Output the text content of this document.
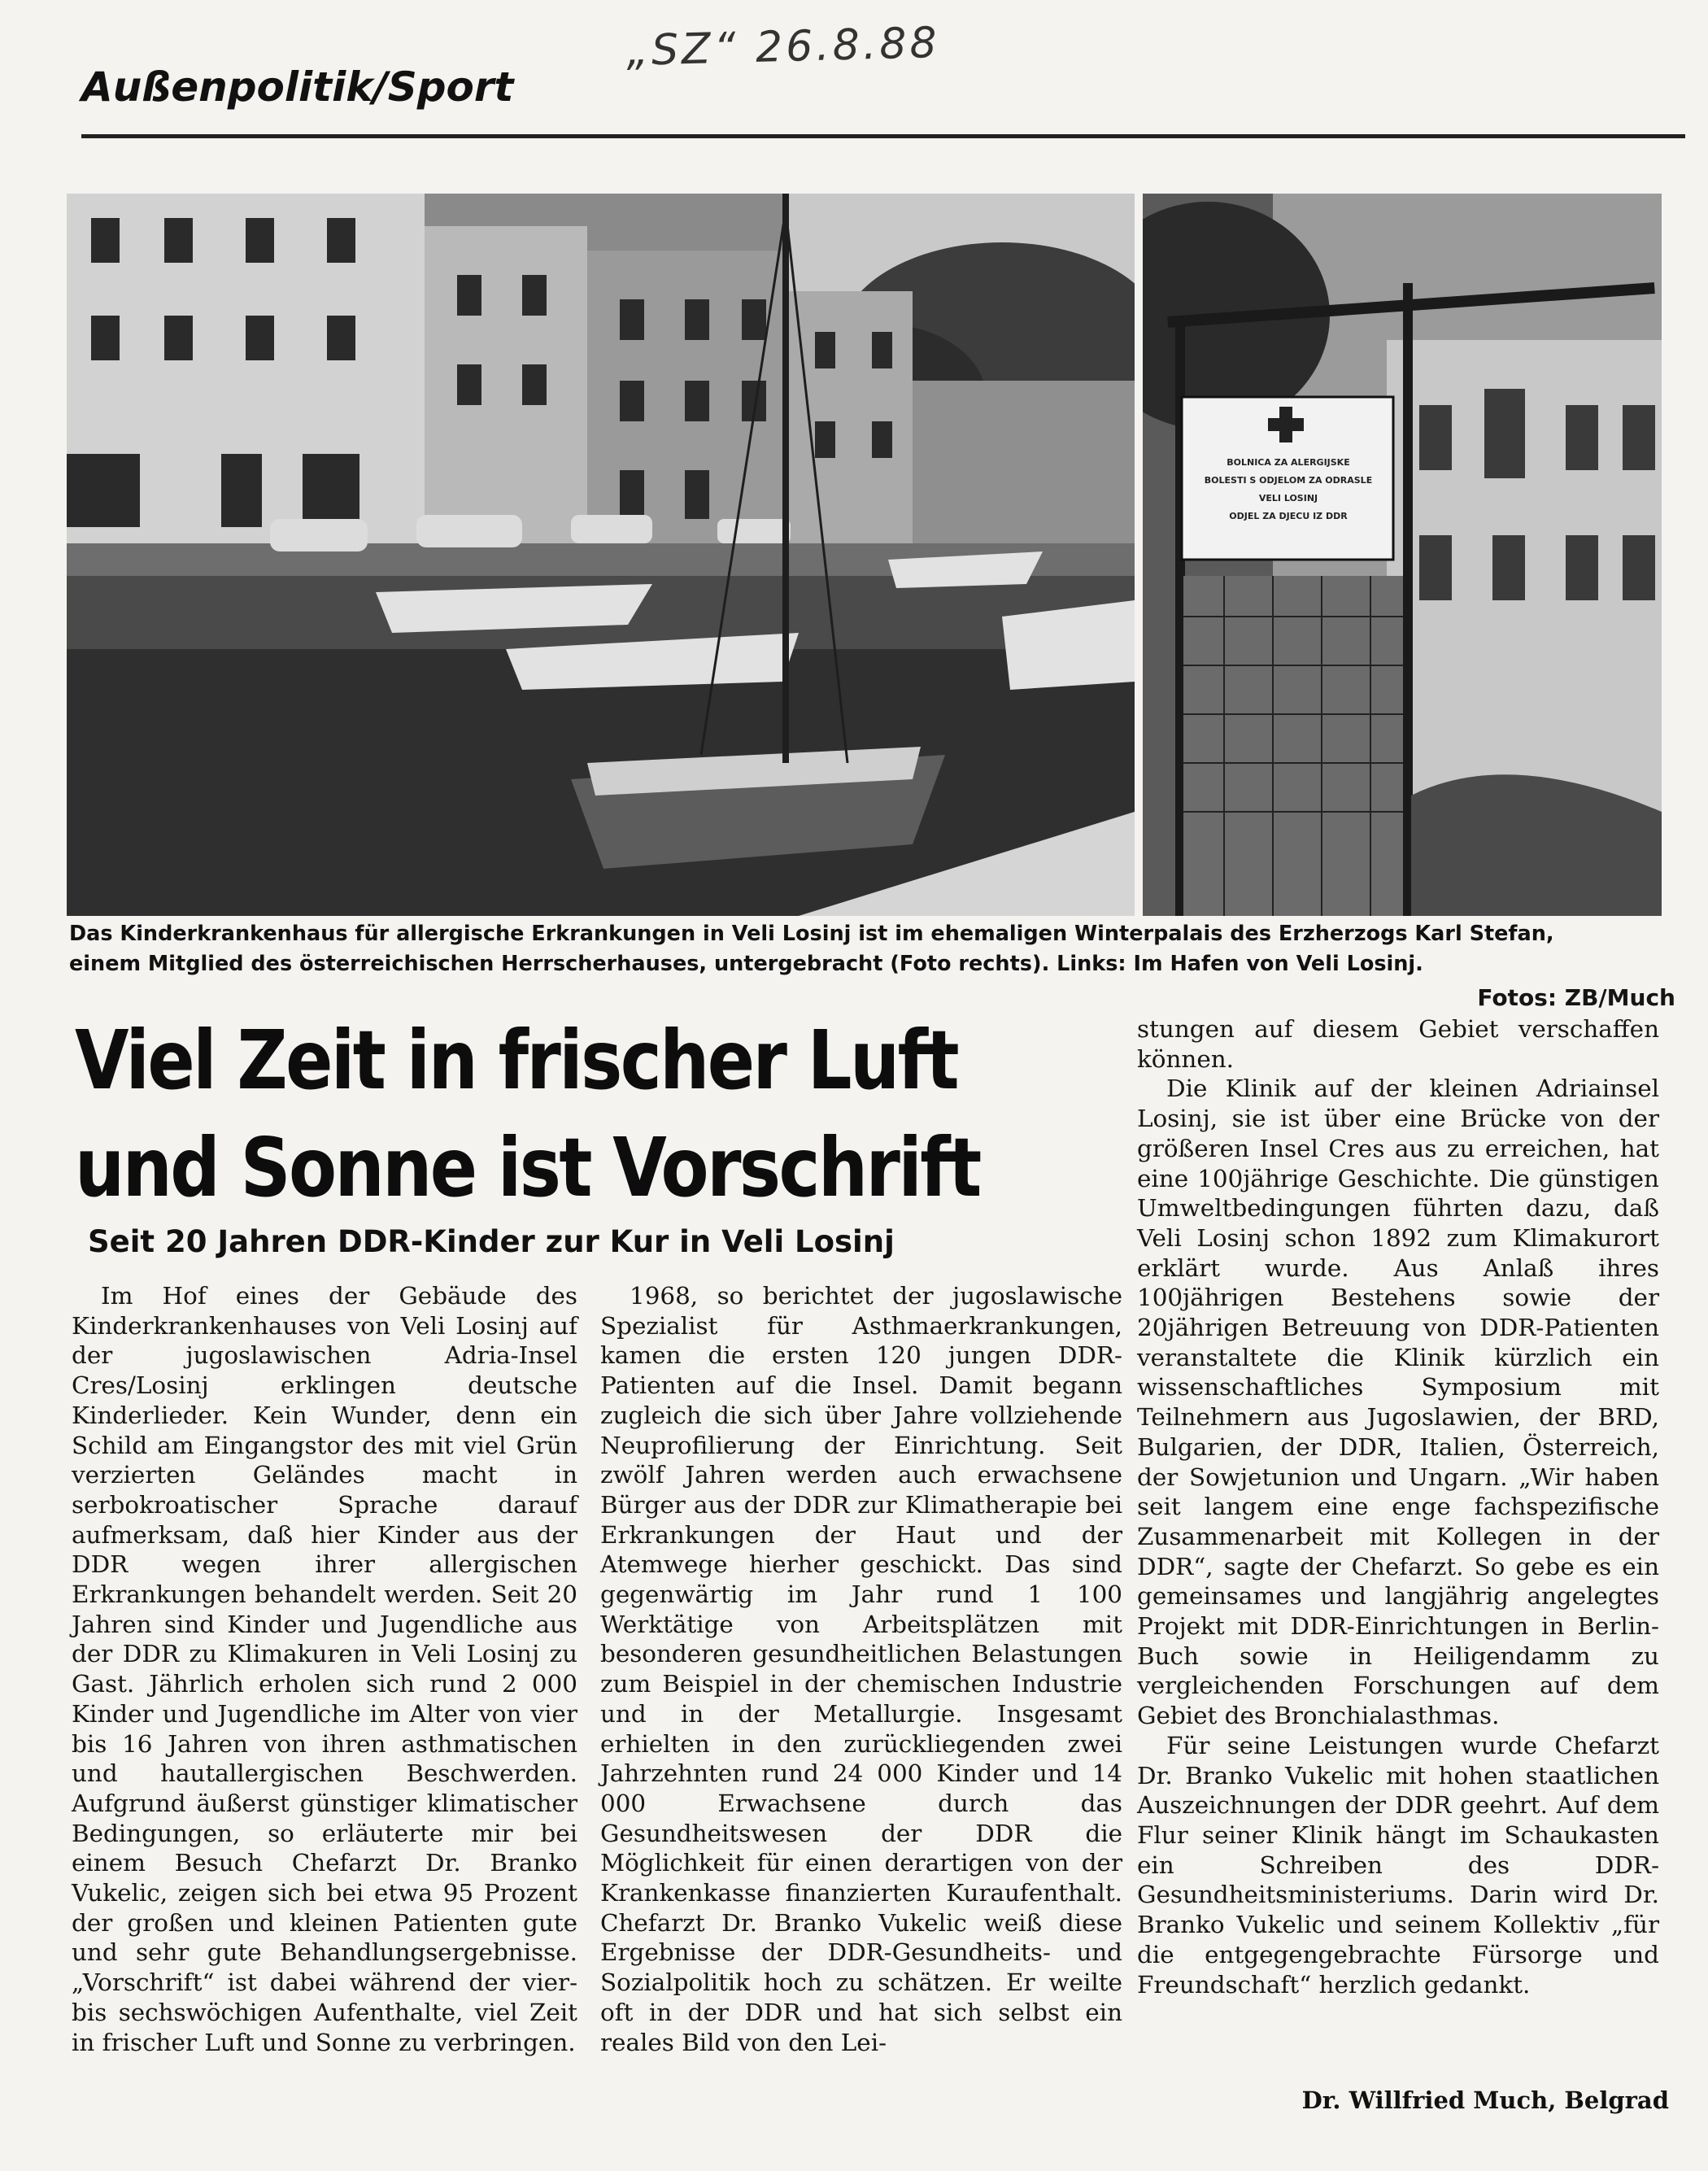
„SZ“ 26.8.88
Außenpolitik/Sport
BOLNICA ZA ALERGIJSKE
BOLESTI S ODJELOM ZA ODRASLE
VELI LOSINJ
ODJEL ZA DJECU IZ DDR
Das Kinderkrankenhaus für allergische Erkrankungen in Veli Losinj ist im ehemaligen Winterpalais des Erzherzogs Karl Stefan,
einem Mitglied des österreichischen Herrscherhauses, untergebracht (Foto rechts). Links: Im Hafen von Veli Losinj.
Fotos: ZB/Much
Viel Zeit in frischer Luft
und Sonne ist Vorschrift
Seit 20 Jahren DDR-Kinder zur Kur in Veli Losinj

Im Hof eines der Gebäude des Kinderkrankenhauses von Veli Losinj auf der jugoslawischen Adria-Insel Cres/Losinj erklingen deutsche Kinderlieder. Kein Wunder, denn ein Schild am Eingangstor des mit viel Grün verzierten Geländes macht in serbokroatischer Sprache darauf aufmerksam, daß hier Kinder aus der DDR wegen ihrer allergischen Erkrankungen behandelt werden. Seit 20 Jahren sind Kinder und Jugendliche aus der DDR zu Klimakuren in Veli Losinj zu Gast. Jährlich erholen sich rund 2 000 Kinder und Jugendliche im Alter von vier bis 16 Jahren von ihren asthmatischen und hautallergischen Beschwerden. Aufgrund äußerst günstiger klimatischer Bedingungen, so erläuterte mir bei einem Besuch Chefarzt Dr. Branko Vukelic, zeigen sich bei etwa 95 Prozent der großen und kleinen Patienten gute und sehr gute Behandlungsergebnisse. „Vorschrift“ ist dabei während der vier- bis sechswöchigen Aufenthalte, viel Zeit in frischer Luft und Sonne zu verbringen.

1968, so berichtet der jugoslawische Spezialist für Asthmaerkrankungen, kamen die ersten 120 jungen DDR-Patienten auf die Insel. Damit begann zugleich die sich über Jahre vollziehende Neuprofilierung der Einrichtung. Seit zwölf Jahren werden auch erwachsene Bürger aus der DDR zur Klimatherapie bei Erkrankungen der Haut und der Atemwege hierher geschickt. Das sind gegenwärtig im Jahr rund 1 100 Werktätige von Arbeitsplätzen mit besonderen gesundheitlichen Belastungen zum Beispiel in der chemischen Industrie und in der Metallurgie. Insgesamt erhielten in den zurückliegenden zwei Jahrzehnten rund 24 000 Kinder und 14 000 Erwachsene durch das Gesundheitswesen der DDR die Möglichkeit für einen derartigen von der Krankenkasse finanzierten Kuraufenthalt. Chefarzt Dr. Branko Vukelic weiß diese Ergebnisse der DDR-Gesundheits- und Sozialpolitik hoch zu schätzen. Er weilte oft in der DDR und hat sich selbst ein reales Bild von den Lei-

stungen auf diesem Gebiet verschaffen können.

Die Klinik auf der kleinen Adriainsel Losinj, sie ist über eine Brücke von der größeren Insel Cres aus zu erreichen, hat eine 100jährige Geschichte. Die günstigen Umweltbedingungen führten dazu, daß Veli Losinj schon 1892 zum Klimakurort erklärt wurde. Aus Anlaß ihres 100jährigen Bestehens sowie der 20jährigen Betreuung von DDR-Patienten veranstaltete die Klinik kürzlich ein wissenschaftliches Symposium mit Teilnehmern aus Jugoslawien, der BRD, Bulgarien, der DDR, Italien, Österreich, der Sowjetunion und Ungarn. „Wir haben seit langem eine enge fachspezifische Zusammenarbeit mit Kollegen in der DDR“, sagte der Chefarzt. So gebe es ein gemeinsames und langjährig angelegtes Projekt mit DDR-Einrichtungen in Berlin-Buch sowie in Heiligendamm zu vergleichenden Forschungen auf dem Gebiet des Bronchialasthmas.

Für seine Leistungen wurde Chefarzt Dr. Branko Vukelic mit hohen staatlichen Auszeichnungen der DDR geehrt. Auf dem Flur seiner Klinik hängt im Schaukasten ein Schreiben des DDR-Gesundheitsministeriums. Darin wird Dr. Branko Vukelic und seinem Kollektiv „für die entgegengebrachte Fürsorge und Freundschaft“ herzlich gedankt.

Dr. Willfried Much, Belgrad
